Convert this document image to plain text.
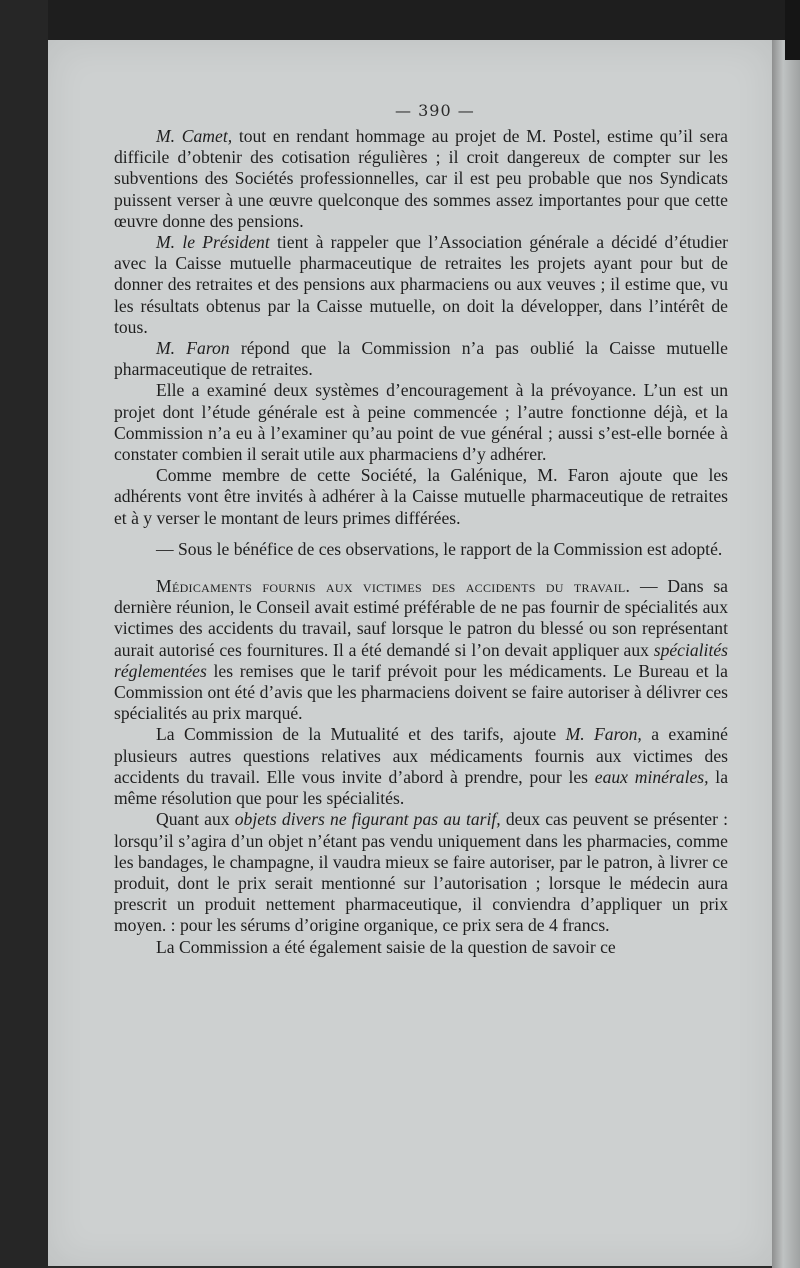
— 390 —

M. Camet, tout en rendant hommage au projet de M. Postel, estime qu’il sera difficile d’obtenir des cotisation régulières ; il croit dangereux de compter sur les subventions des Sociétés professionnelles, car il est peu probable que nos Syndicats puissent verser à une œuvre quelconque des sommes assez importantes pour que cette œuvre donne des pensions.

M. le Président tient à rappeler que l’Association générale a décidé d’étudier avec la Caisse mutuelle pharmaceutique de retraites les projets ayant pour but de donner des retraites et des pensions aux pharmaciens ou aux veuves ; il estime que, vu les résultats obtenus par la Caisse mutuelle, on doit la développer, dans l’intérêt de tous.

M. Faron répond que la Commission n’a pas oublié la Caisse mutuelle pharmaceutique de retraites.

Elle a examiné deux systèmes d’encouragement à la prévoyance. L’un est un projet dont l’étude générale est à peine commencée ; l’autre fonctionne déjà, et la Commission n’a eu à l’examiner qu’au point de vue général ; aussi s’est-elle bornée à constater combien il serait utile aux pharmaciens d’y adhérer.

Comme membre de cette Société, la Galénique, M. Faron ajoute que les adhérents vont être invités à adhérer à la Caisse mutuelle pharmaceutique de retraites et à y verser le montant de leurs primes différées.

— Sous le bénéfice de ces observations, le rapport de la Commission est adopté.

Médicaments fournis aux victimes des accidents du travail. — Dans sa dernière réunion, le Conseil avait estimé préférable de ne pas fournir de spécialités aux victimes des accidents du travail, sauf lorsque le patron du blessé ou son représentant aurait autorisé ces fournitures. Il a été demandé si l’on devait appliquer aux spécialités réglementées les remises que le tarif prévoit pour les médicaments. Le Bureau et la Commission ont été d’avis que les pharmaciens doivent se faire autoriser à délivrer ces spécialités au prix marqué.

La Commission de la Mutualité et des tarifs, ajoute M. Faron, a examiné plusieurs autres questions relatives aux médicaments fournis aux victimes des accidents du travail. Elle vous invite d’abord à prendre, pour les eaux minérales, la même résolution que pour les spécialités.

Quant aux objets divers ne figurant pas au tarif, deux cas peuvent se présenter : lorsqu’il s’agira d’un objet n’étant pas vendu uniquement dans les pharmacies, comme les bandages, le champagne, il vaudra mieux se faire autoriser, par le patron, à livrer ce produit, dont le prix serait mentionné sur l’autorisation ; lorsque le médecin aura prescrit un produit nettement pharmaceutique, il conviendra d’appliquer un prix moyen. : pour les sérums d’origine organique, ce prix sera de 4 francs.

La Commission a été également saisie de la question de savoir ce
